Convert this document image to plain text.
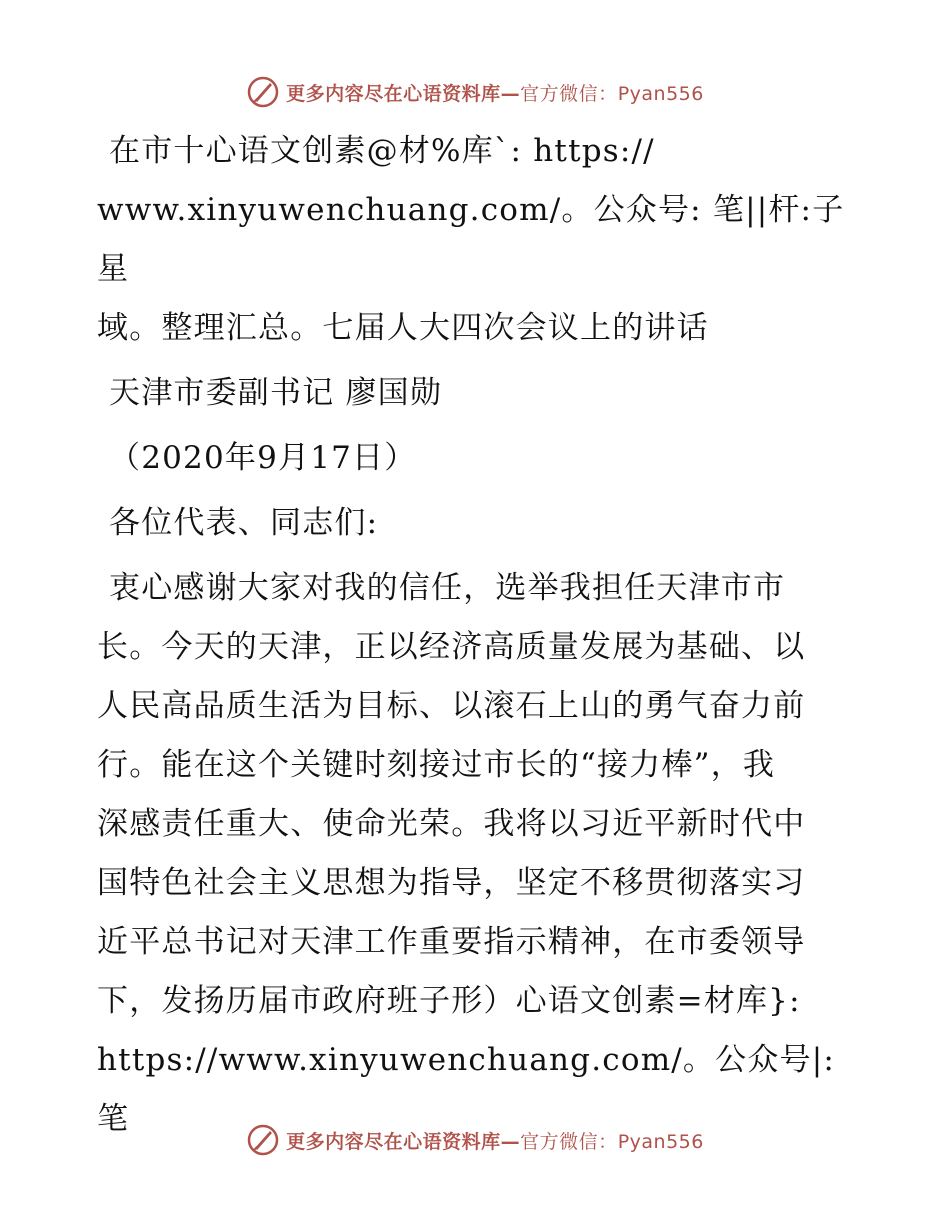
更多内容尽在心语资料库—官方微信：Pyan556

在市十心语文创素@材%库`: https://

www.xinyuwenchuang.com/。公众号: 笔||杆:子星

域。整理汇总。七届人大四次会议上的讲话

天津市委副书记 廖国勋

（2020年9月17日）

各位代表、同志们:

衷心感谢大家对我的信任，选举我担任天津市市

长。今天的天津，正以经济高质量发展为基础、以

人民高品质生活为目标、以滚石上山的勇气奋力前

行。能在这个关键时刻接过市长的“接力棒”，我

深感责任重大、使命光荣。我将以习近平新时代中

国特色社会主义思想为指导，坚定不移贯彻落实习

近平总书记对天津工作重要指示精神，在市委领导

下，发扬历届市政府班子形）心语文创素=材库}:

https://www.xinyuwenchuang.com/。公众号|: 笔

更多内容尽在心语资料库—官方微信：Pyan556
